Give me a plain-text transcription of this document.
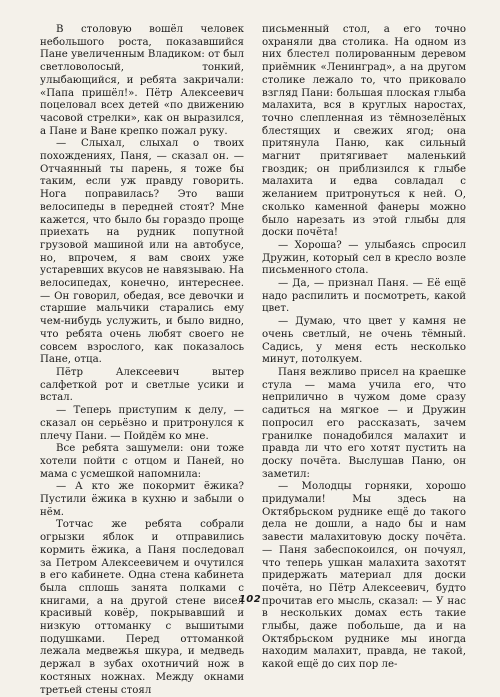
В столовую вошёл человек небольшого роста, показавшийся Пане увеличенным Владиком: от был светловолосый, тонкий, улыбающийся, и ребята закричали: «Папа пришёл!». Пётр Алексеевич поцеловал всех детей «по движению часовой стрелки», как он выразился, а Пане и Ване крепко пожал руку.

— Слыхал, слыхал о твоих похождениях, Паня, — сказал он. — Отчаянный ты парень, я тоже бы таким, если уж правду говорить. Нога поправилась? Это ваши велосипеды в передней стоят? Мне кажется, что было бы гораздо проще приехать на рудник попутной грузовой машиной или на автобусе, но, впрочем, я вам своих уже устаревших вкусов не навязываю. На велосипедах, конечно, интереснее. — Он говорил, обедая, все девочки и старшие мальчики старались ему чем-нибудь услужить, и было видно, что ребята очень любят своего не совсем взрослого, как показалось Пане, отца.

Пётр Алексеевич вытер салфеткой рот и светлые усики и встал.

— Теперь приступим к делу, — сказал он серьёзно и притронулся к плечу Пани. — Пойдём ко мне.

Все ребята зашумели: они тоже хотели пойти с отцом и Паней, но мама с усмешкой напомнила:

— А кто же покормит ёжика? Пустили ёжика в кухню и забыли о нём.

Тотчас же ребята собрали огрызки яблок и отправились кормить ёжика, а Паня последовал за Петром Алексеевичем и очутился в его кабинете. Одна стена кабинета была сплошь занята полками с книгами, а на другой стене висел красивый ковёр, покрывавший и низкую оттоманку с вышитыми подушками. Перед оттоманкой лежала медвежья шкура, и медведь держал в зубах охотничий нож в костяных ножнах. Между окнами третьей стены стоял

письменный стол, а его точно охраняли два столика. На одном из них блестел полированным деревом приёмник «Ленинград», а на другом столике лежало то, что приковало взгляд Пани: большая плоская глыба малахита, вся в круглых наростах, точно слепленная из тёмнозелёных блестящих и свежих ягод; она притянула Паню, как сильный магнит притягивает маленький гвоздик; он приблизился к глыбе малахита и едва совладал с желанием притронуться к ней. О, сколько каменной фанеры можно было нарезать из этой глыбы для доски почёта!

— Хороша? — улыбаясь спросил Дружин, который сел в кресло возле письменного стола.

— Да, — признал Паня. — Её ещё надо распилить и посмотреть, какой цвет.

— Думаю, что цвет у камня не очень светлый, не очень тёмный. Садись, у меня есть несколько минут, потолкуем.

Паня вежливо присел на краешке стула — мама учила его, что неприлично в чужом доме сразу садиться на мягкое — и Дружин попросил его рассказать, зачем гранилке понадобился малахит и правда ли что его хотят пустить на доску почёта. Выслушав Паню, он заметил:

— Молодцы горняки, хорошо придумали! Мы здесь на Октябрьском руднике ещё до такого дела не дошли, а надо бы и нам завести малахитовую доску почёта. — Паня забеспокоился, он почуял, что теперь ушкан малахита захотят придержать материал для доски почёта, но Пётр Алексеевич, будто прочитав его мысль, сказал: — У нас в нескольких домах есть такие глыбы, даже побольше, да и на Октябрьском руднике мы иногда находим малахит, правда, не такой, какой ещё до сих пор ле-

102
